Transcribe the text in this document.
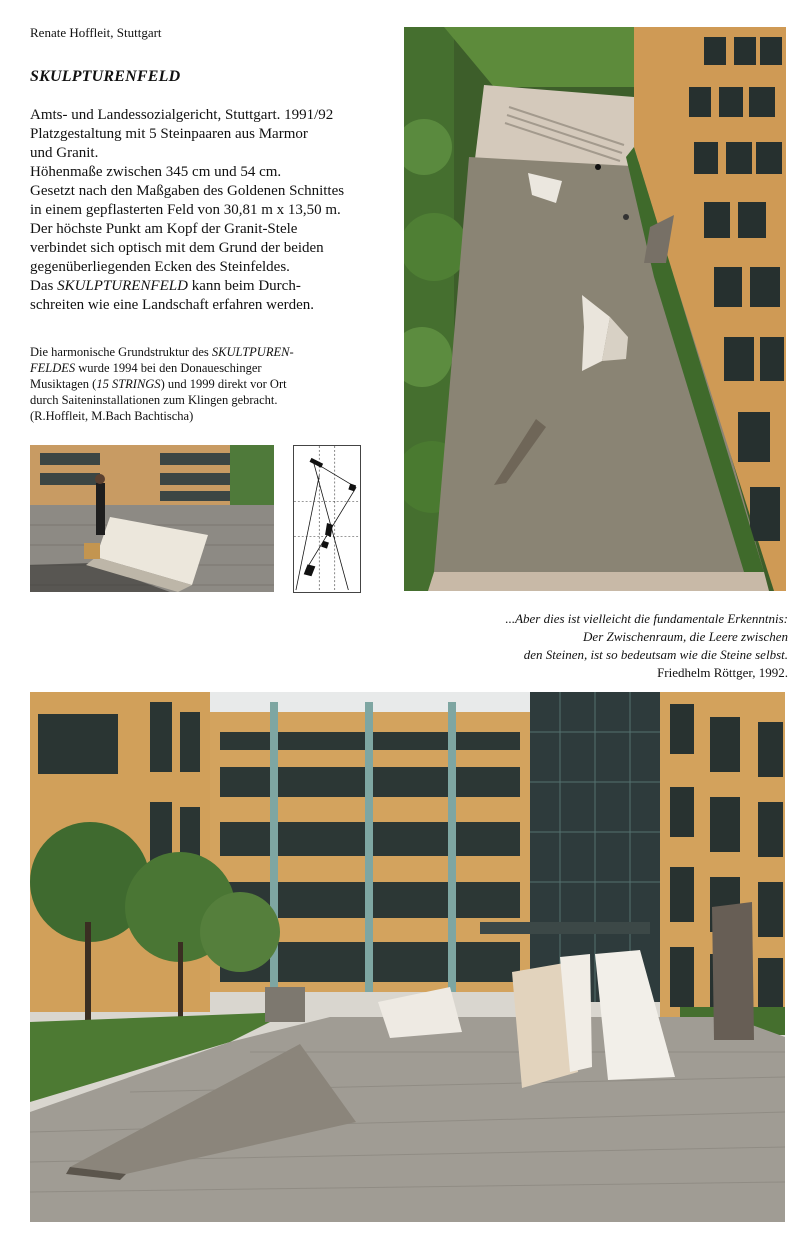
Renate Hoffleit, Stuttgart
SKULPTURENFELD
Amts- und Landessozialgericht, Stuttgart. 1991/92
Platzgestaltung mit 5 Steinpaaren aus Marmor
und Granit.
Höhenmaße zwischen 345 cm und 54 cm.
Gesetzt nach den Maßgaben des Goldenen Schnittes
in einem gepflasterten Feld von 30,81 m x 13,50 m.
Der höchste Punkt am Kopf der Granit-Stele
verbindet sich optisch mit dem Grund der beiden
gegenüberliegenden Ecken des Steinfeldes.
Das SKULPTURENFELD kann beim Durch-
schreiten wie eine Landschaft erfahren werden.
Die harmonische Grundstruktur des SKULTPUREN-
FELDES wurde 1994 bei den Donaueschinger
Musiktagen (15 STRINGS) und 1999 direkt vor Ort
durch Saiteninstallationen zum Klingen gebracht.
(R.Hoffleit, M.Bach Bachtischa)
...Aber dies ist vielleicht die fundamentale Erkenntnis:
Der Zwischenraum, die Leere zwischen
den Steinen, ist so bedeutsam wie die Steine selbst.
Friedhelm Röttger, 1992.
